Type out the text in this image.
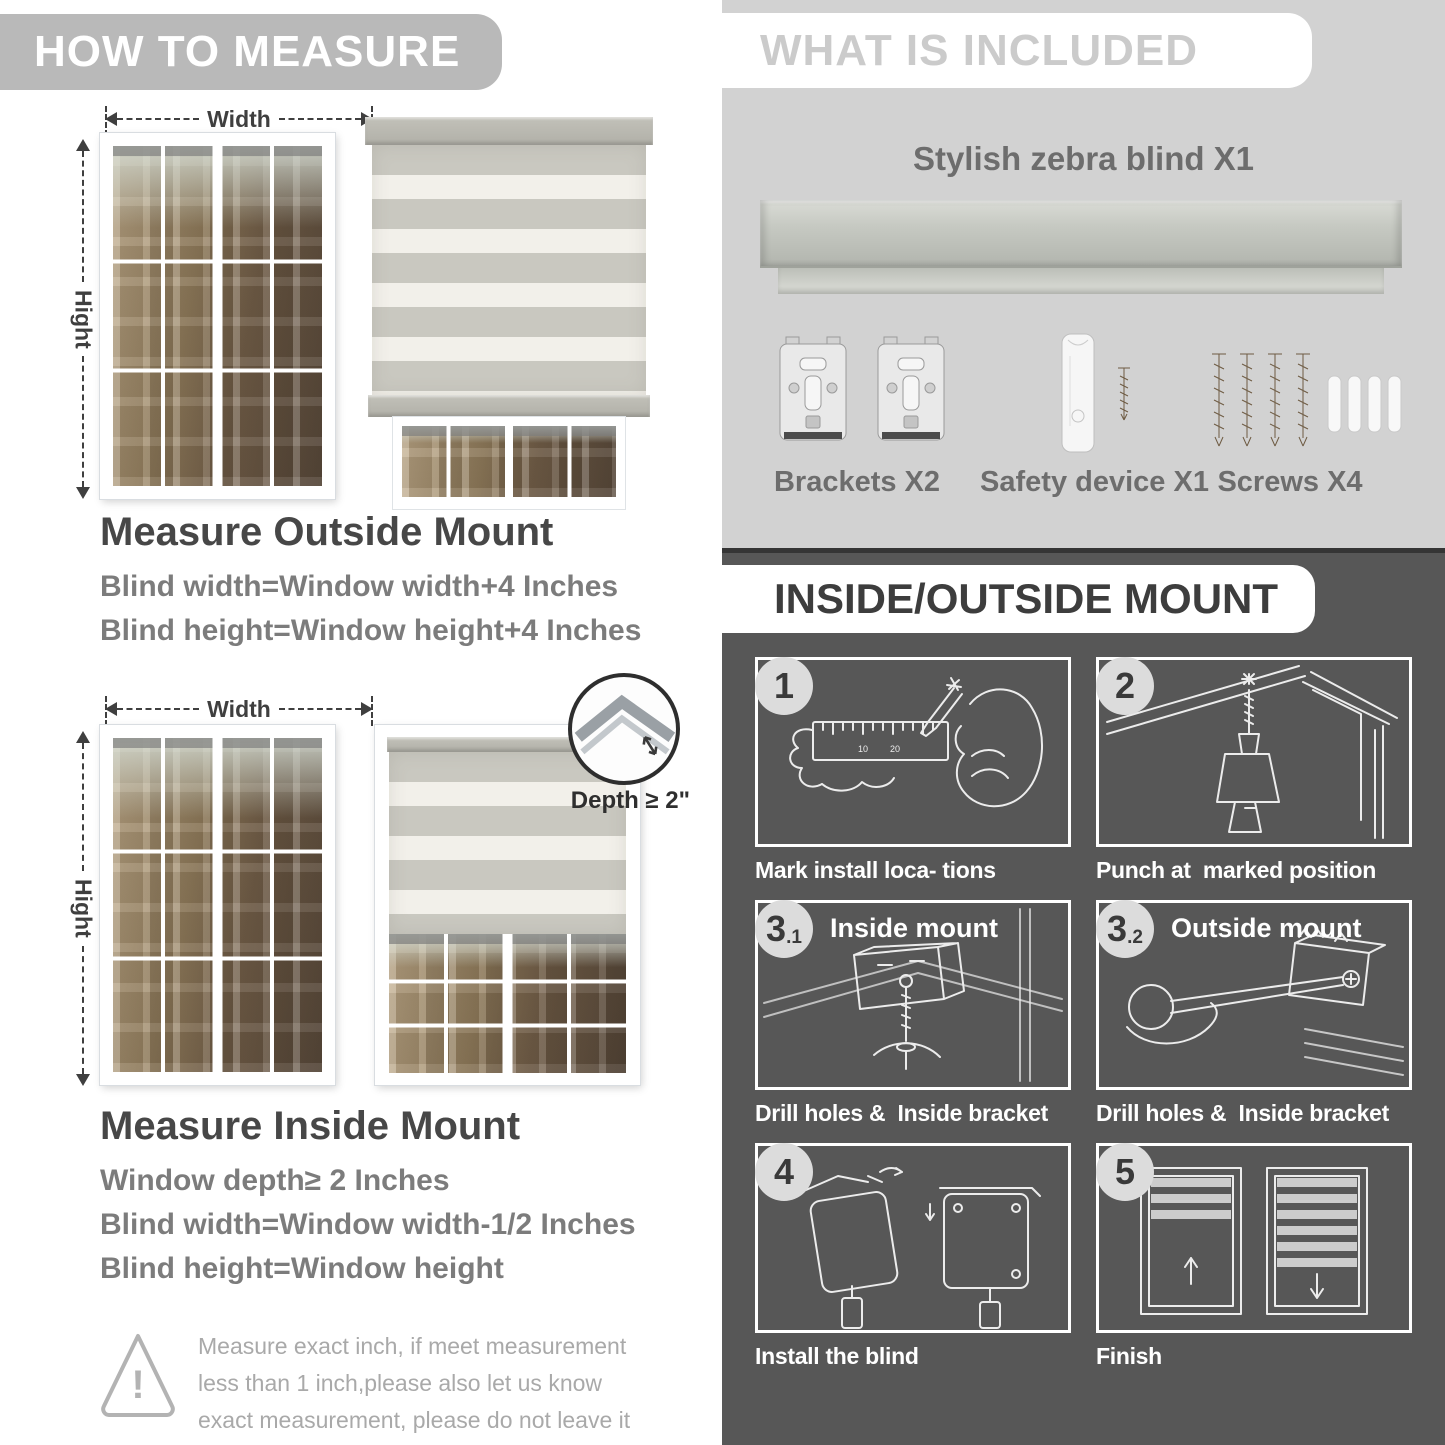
HOW TO MEASURE
Width
Hight
Measure Outside Mount
Blind width=Window width+4 Inches
Blind height=Window height+4 Inches
Width
Hight
Depth ≥ 2"
Measure Inside Mount
Window depth≥ 2 Inches
Blind width=Window width-1/2 Inches
Blind height=Window height
!
Measure exact inch, if meet measurement less than 1 inch,please also let us know exact measurement, please do not leave it
WHAT IS INCLUDED
Stylish zebra blind X1
Brackets X2	Safety device X1 Screws X4
INSIDE/OUTSIDE MOUNT
1
10 20
Mark install loca- tions
2
Punch at  marked position
3 .1 Inside mount
Drill holes &  Inside bracket
3 .2 Outside mount
Drill holes &  Inside bracket
4
Install the blind
5
Finish
